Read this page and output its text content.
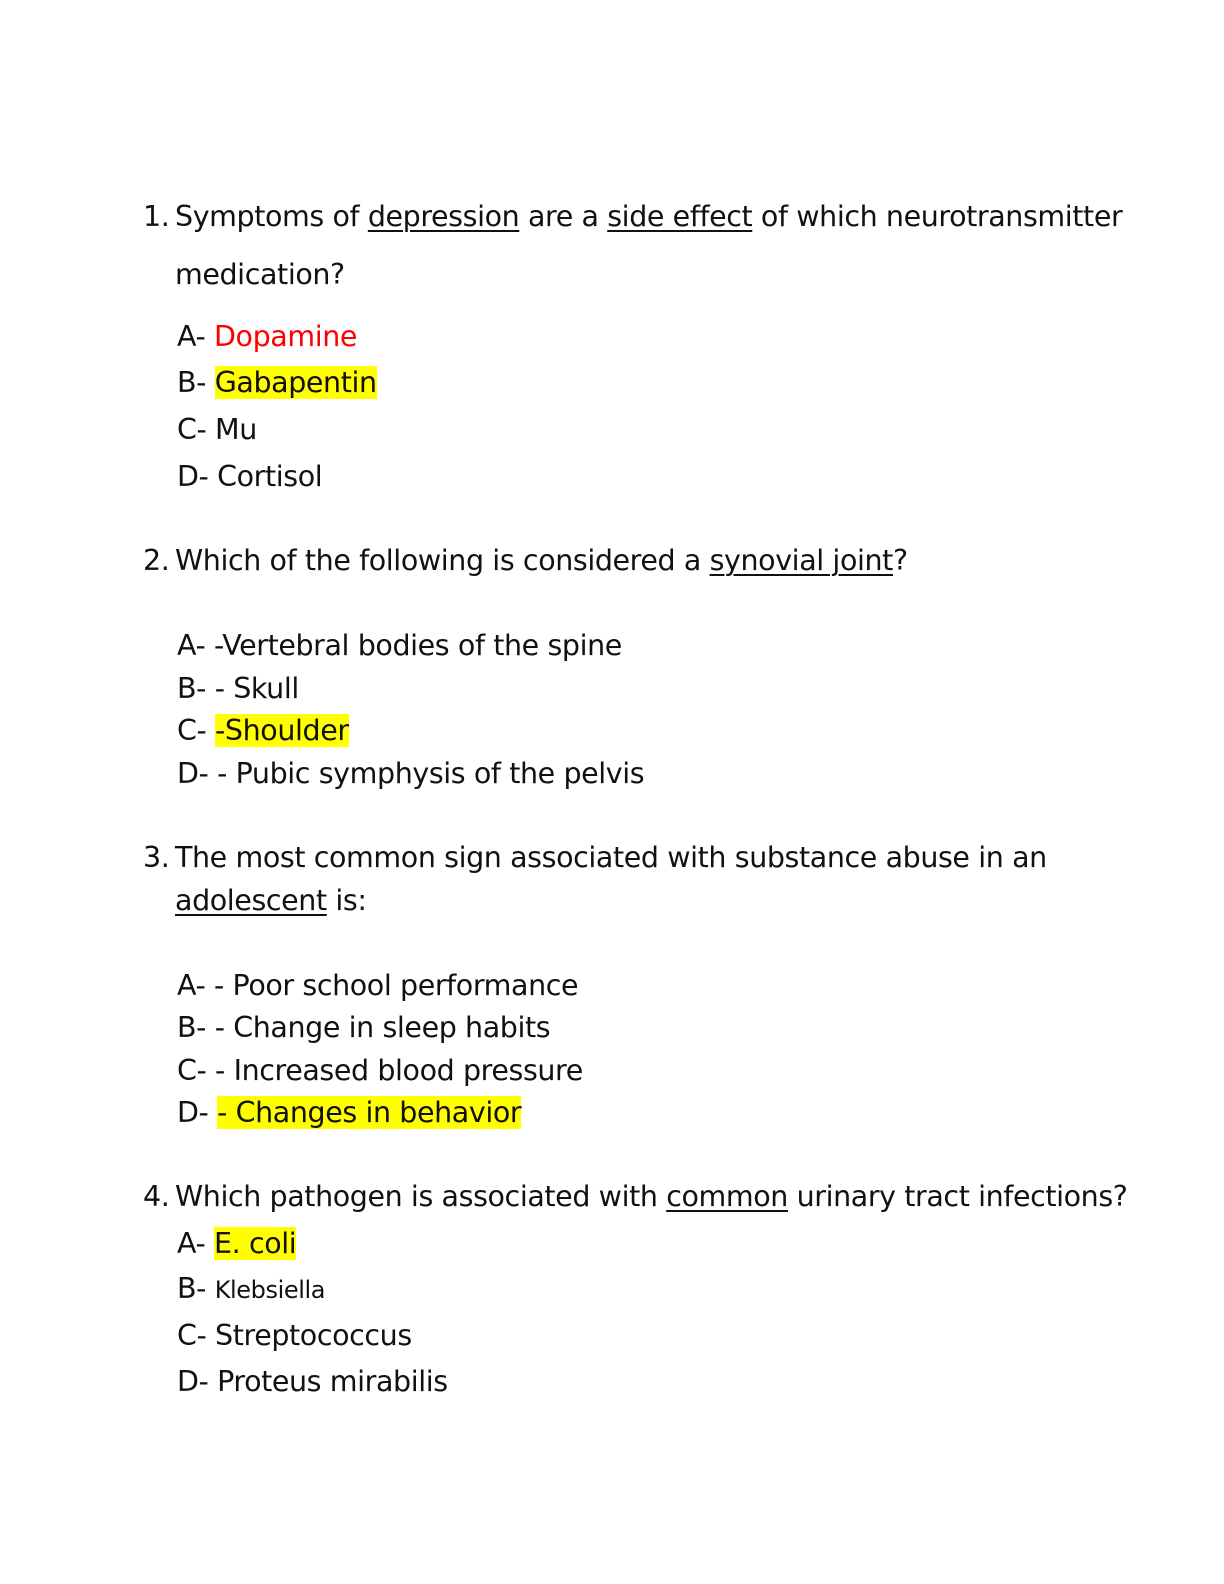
1. Symptoms of depression are a side effect of which neurotransmitter
medication?
A- Dopamine
B- Gabapentin
C- Mu
D- Cortisol
2. Which of the following is considered a synovial joint?
A- -Vertebral bodies of the spine
B- - Skull
C- -Shoulder
D- - Pubic symphysis of the pelvis
3. The most common sign associated with substance abuse in an
adolescent is:
A- - Poor school performance
B- - Change in sleep habits
C- - Increased blood pressure
D- - Changes in behavior
4. Which pathogen is associated with common urinary tract infections?
A- E. coli
B- Klebsiella
C- Streptococcus
D- Proteus mirabilis
